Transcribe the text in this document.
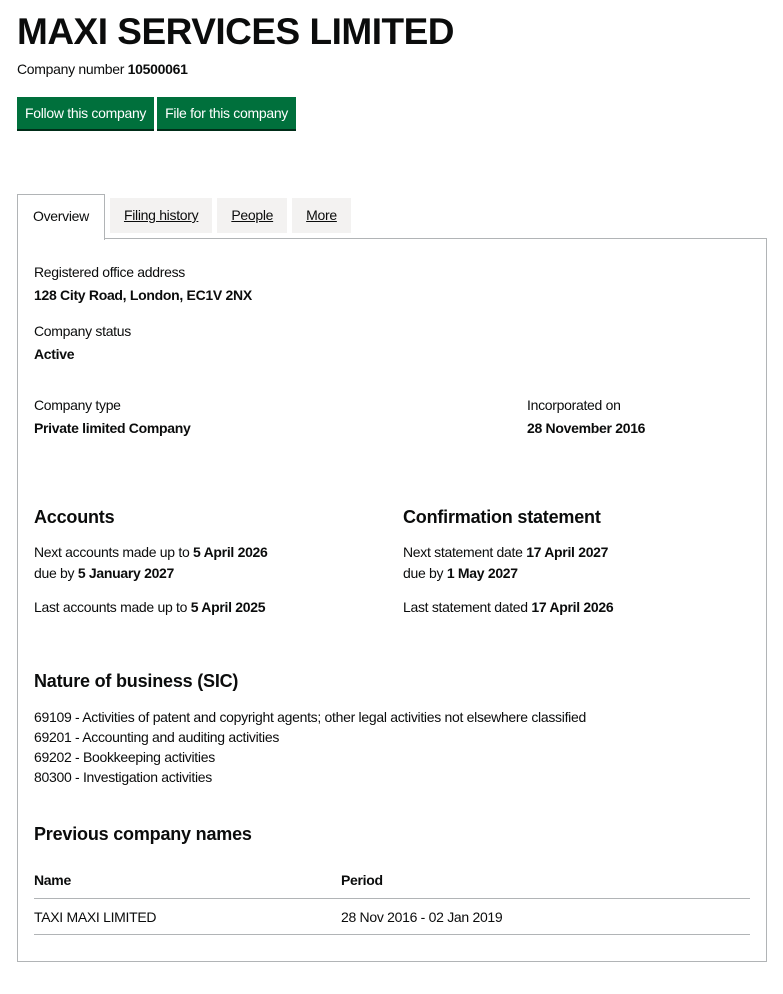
MAXI SERVICES LIMITED
Company number 10500061
Follow this company	File for this company
Overview	Filing history	People	More
Registered office address
128 City Road, London, EC1V 2NX
Company status
Active
Company type
Private limited Company
Incorporated on
28 November 2016
Accounts
Next accounts made up to 5 April 2026
due by 5 January 2027
Last accounts made up to 5 April 2025
Confirmation statement
Next statement date 17 April 2027
due by 1 May 2027
Last statement dated 17 April 2026
Nature of business (SIC)
69109 - Activities of patent and copyright agents; other legal activities not elsewhere classified
69201 - Accounting and auditing activities
69202 - Bookkeeping activities
80300 - Investigation activities
Previous company names
Name	Period
TAXI MAXI LIMITED	28 Nov 2016 - 02 Jan 2019
